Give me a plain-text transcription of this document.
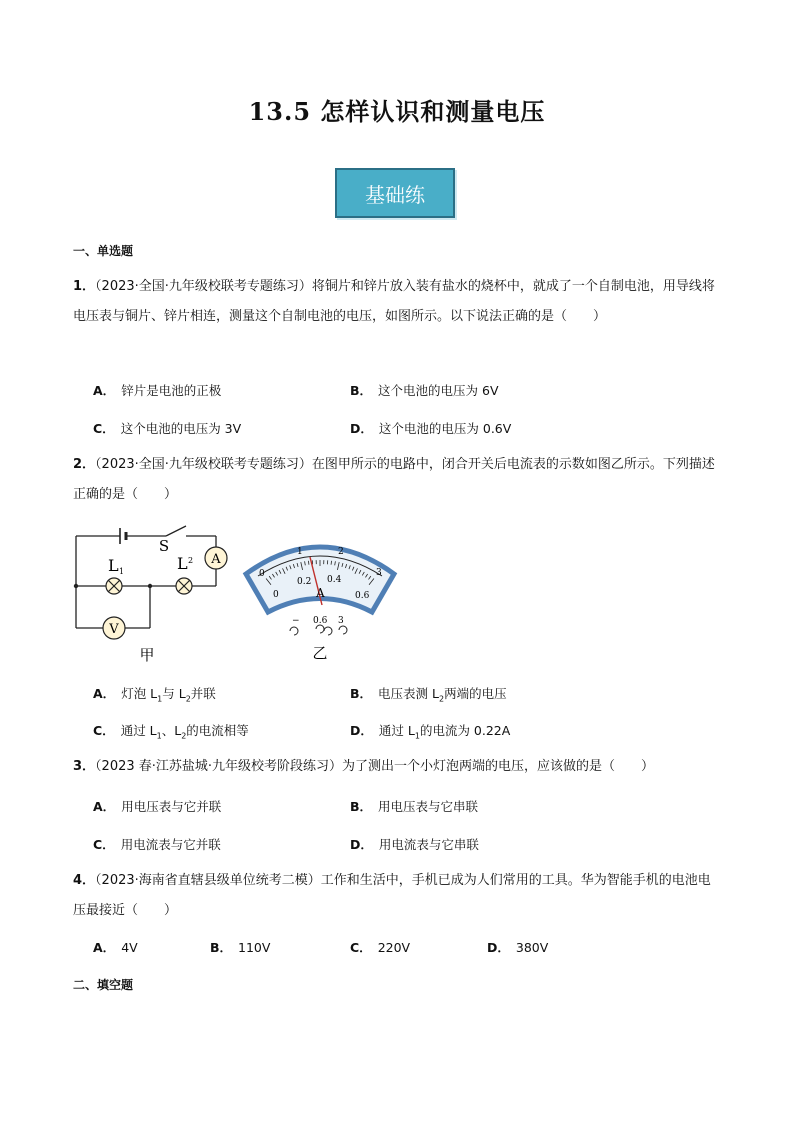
13.5 怎样认识和测量电压
基础练
一、单选题
1．（2023·全国·九年级校联考专题练习）将铜片和锌片放入装有盐水的烧杯中，就成了一个自制电池，用导线将电压表与铜片、锌片相连，测量这个自制电池的电压，如图所示。以下说法正确的是（　　）
A． 锌片是电池的正极	B． 这个电池的电压为 6V
C． 这个电池的电压为 3V	D． 这个电池的电压为 0.6V
2．（2023·全国·九年级校联考专题练习）在图甲所示的电路中，闭合开关后电流表的示数如图乙所示。下列描述正确的是（　　）
A
V
S
L 1	L 2
甲
0
1	2
3
0
0.2 0.4
0.6
A
− 0.6 3
乙
A． 灯泡 $L_1$与 $L_2$并联	B． 电压表测 $L_2$两端的电压
C． 通过 $L_1$、$L_2$的电流相等	D． 通过 $L_1$的电流为 0.22A
3．（2023 春·江苏盐城·九年级校考阶段练习）为了测出一个小灯泡两端的电压，应该做的是（　　）
A． 用电压表与它并联	B． 用电压表与它串联
C． 用电流表与它并联	D． 用电流表与它串联
4．（2023·海南省直辖县级单位统考二模）工作和生活中，手机已成为人们常用的工具。华为智能手机的电池电压最接近（　　）
A． 4V	B． 110V	C． 220V	D． 380V
二、填空题
